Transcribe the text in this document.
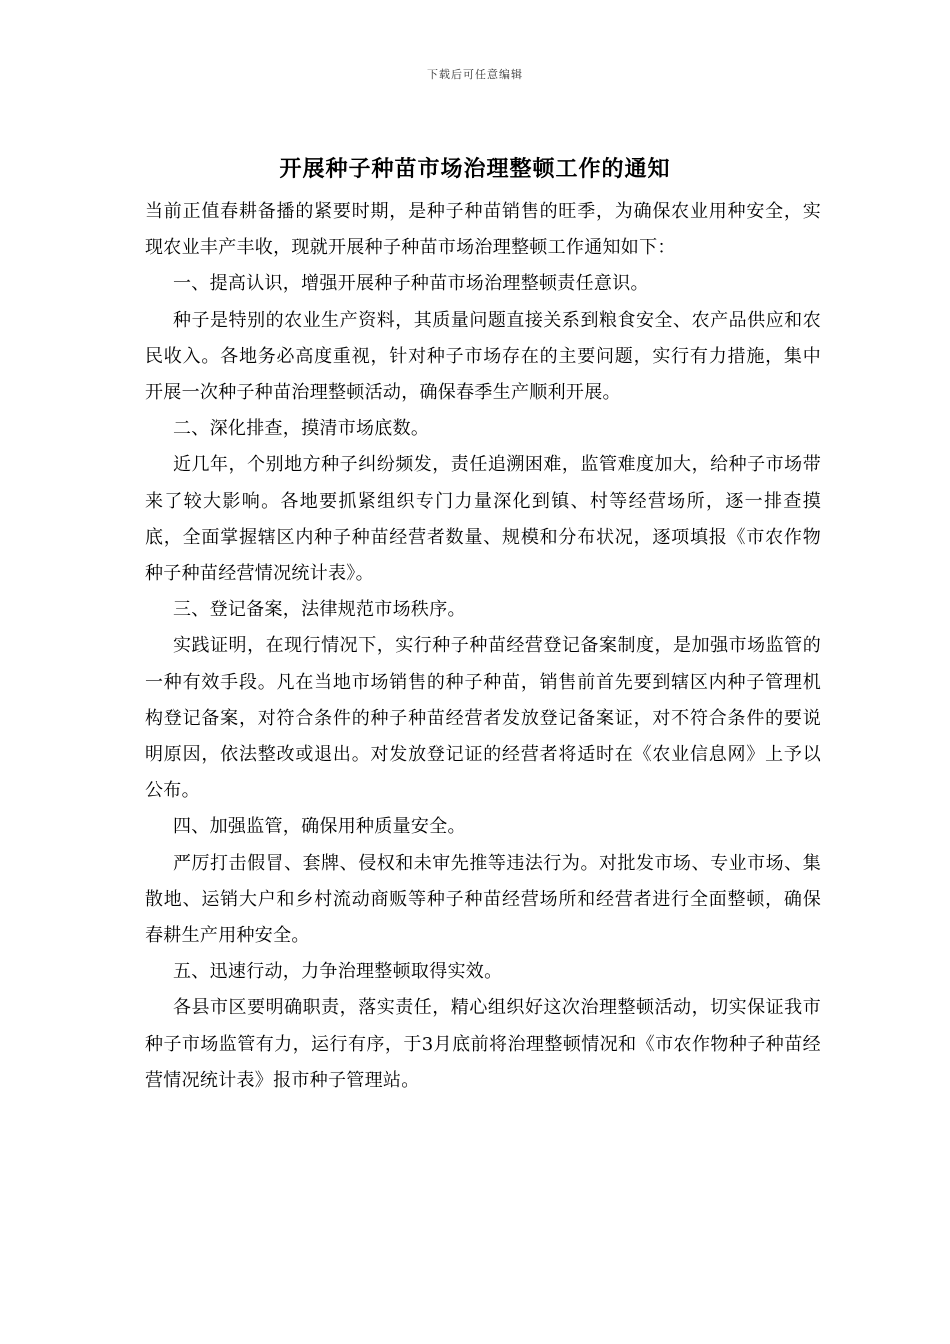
下载后可任意编辑
开展种子种苗市场治理整顿工作的通知

当前正值春耕备播的紧要时期，是种子种苗销售的旺季，为确保农业用种安全，实现农业丰产丰收，现就开展种子种苗市场治理整顿工作通知如下：

一、提高认识，增强开展种子种苗市场治理整顿责任意识。

种子是特别的农业生产资料，其质量问题直接关系到粮食安全、农产品供应和农民收入。各地务必高度重视，针对种子市场存在的主要问题，实行有力措施，集中开展一次种子种苗治理整顿活动，确保春季生产顺利开展。

二、深化排查，摸清市场底数。

近几年，个别地方种子纠纷频发，责任追溯困难，监管难度加大，给种子市场带来了较大影响。各地要抓紧组织专门力量深化到镇、村等经营场所，逐一排查摸底，全面掌握辖区内种子种苗经营者数量、规模和分布状况，逐项填报《市农作物种子种苗经营情况统计表》。

三、登记备案，法律规范市场秩序。

实践证明，在现行情况下，实行种子种苗经营登记备案制度，是加强市场监管的一种有效手段。凡在当地市场销售的种子种苗，销售前首先要到辖区内种子管理机构登记备案，对符合条件的种子种苗经营者发放登记备案证，对不符合条件的要说明原因，依法整改或退出。对发放登记证的经营者将适时在《农业信息网》上予以公布。

四、加强监管，确保用种质量安全。

严厉打击假冒、套牌、侵权和未审先推等违法行为。对批发市场、专业市场、集散地、运销大户和乡村流动商贩等种子种苗经营场所和经营者进行全面整顿，确保春耕生产用种安全。

五、迅速行动，力争治理整顿取得实效。

各县市区要明确职责，落实责任，精心组织好这次治理整顿活动，切实保证我市种子市场监管有力，运行有序，于3月底前将治理整顿情况和《市农作物种子种苗经营情况统计表》报市种子管理站。
